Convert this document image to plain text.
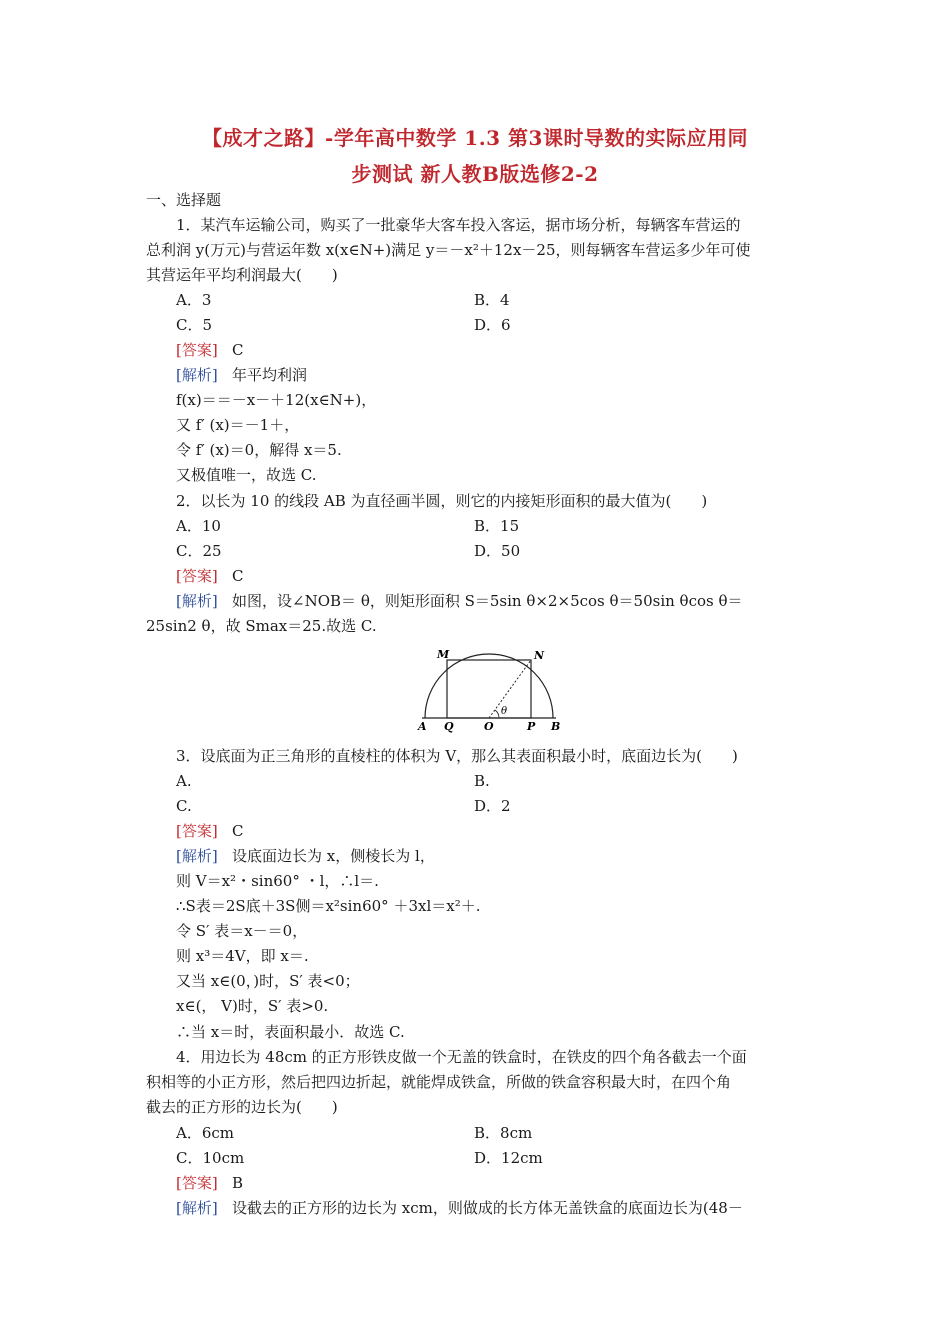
【成才之路】-学年高中数学 1.3 第3课时导数的实际应用同
步测试 新人教B版选修2-2
一、选择题
1．某汽车运输公司，购买了一批豪华大客车投入客运，据市场分析，每辆客车营运的
总利润 y(万元)与营运年数 x(x∈N+)满足 y＝－x²＋12x－25，则每辆客车营运多少年可使
其营运年平均利润最大(　　)
A．3	B．4
C．5	D．6
[答案] C
[解析] 年平均利润
f(x)＝＝－x－＋12(x∈N+)，
又 f′ (x)＝－1＋，
令 f′ (x)＝0，解得 x＝5.
又极值唯一，故选 C.
2．以长为 10 的线段 AB 为直径画半圆，则它的内接矩形面积的最大值为(　　)
A．10	B．15
C．25	D．50
[答案] C
[解析] 如图，设∠NOB＝ θ，则矩形面积 S＝5sin θ×2×5cos θ＝50sin θcos θ＝
25sin2 θ，故 Smax＝25.故选 C.
M	N
A Q	O	P B
θ
3．设底面为正三角形的直棱柱的体积为 V，那么其表面积最小时，底面边长为(　　)
A.	B.
C.	D．2
[答案] C
[解析] 设底面边长为 x，侧棱长为 l，
则 V＝x²・sin60° ・l，∴l＝.
∴S表＝2S底＋3S侧＝x²sin60° ＋3xl＝x²＋.
令 S′ 表＝x－＝0，
则 x³＝4V，即 x＝.
又当 x∈(0，)时，S′ 表<0；
x∈(， V)时，S′ 表>0.
∴当 x＝时，表面积最小．故选 C.
4．用边长为 48cm 的正方形铁皮做一个无盖的铁盒时，在铁皮的四个角各截去一个面
积相等的小正方形，然后把四边折起，就能焊成铁盒，所做的铁盒容积最大时，在四个角
截去的正方形的边长为(　　)
A．6cm	B．8cm
C．10cm	D．12cm
[答案] B
[解析] 设截去的正方形的边长为 xcm，则做成的长方体无盖铁盒的底面边长为(48－
